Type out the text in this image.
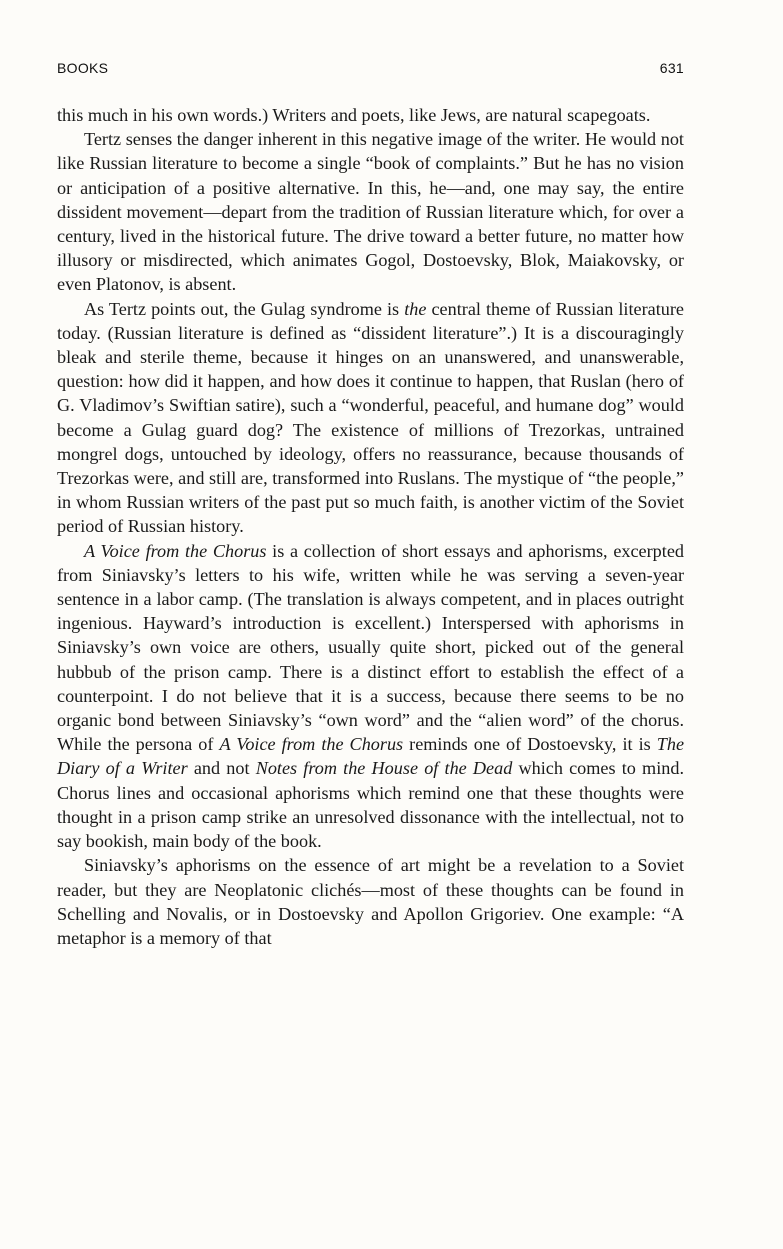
BOOKS	631

this much in his own words.) Writers and poets, like Jews, are natural scapegoats.

Tertz senses the danger inherent in this negative image of the writer. He would not like Russian literature to become a single “book of complaints.” But he has no vision or anticipation of a positive alternative. In this, he—and, one may say, the entire dissident movement—depart from the tradition of Russian literature which, for over a century, lived in the historical future. The drive toward a better future, no matter how illusory or misdirected, which animates Gogol, Dostoevsky, Blok, Maiakovsky, or even Platonov, is absent.

As Tertz points out, the Gulag syndrome is the central theme of Russian literature today. (Russian literature is defined as “dissident literature”.) It is a discouragingly bleak and sterile theme, because it hinges on an unanswered, and unanswerable, question: how did it happen, and how does it continue to happen, that Ruslan (hero of G. Vladimov’s Swiftian satire), such a “wonderful, peaceful, and humane dog” would become a Gulag guard dog? The existence of millions of Trezorkas, untrained mongrel dogs, untouched by ideology, offers no reassurance, because thousands of Trezorkas were, and still are, transformed into Ruslans. The mystique of “the people,” in whom Russian writers of the past put so much faith, is another victim of the Soviet period of Russian history.

A Voice from the Chorus is a collection of short essays and aphorisms, excerpted from Siniavsky’s letters to his wife, written while he was serving a seven-year sentence in a labor camp. (The translation is always competent, and in places outright ingenious. Hayward’s introduction is excellent.) Interspersed with aphorisms in Siniavsky’s own voice are others, usually quite short, picked out of the general hubbub of the prison camp. There is a distinct effort to establish the effect of a counterpoint. I do not believe that it is a success, because there seems to be no organic bond between Siniavsky’s “own word” and the “alien word” of the chorus. While the persona of A Voice from the Chorus reminds one of Dostoevsky, it is The Diary of a Writer and not Notes from the House of the Dead which comes to mind. Chorus lines and occasional aphorisms which remind one that these thoughts were thought in a prison camp strike an unresolved dissonance with the intellectual, not to say bookish, main body of the book.

Siniavsky’s aphorisms on the essence of art might be a revelation to a Soviet reader, but they are Neoplatonic clichés—most of these thoughts can be found in Schelling and Novalis, or in Dostoevsky and Apollon Grigoriev. One example: “A metaphor is a memory of that
